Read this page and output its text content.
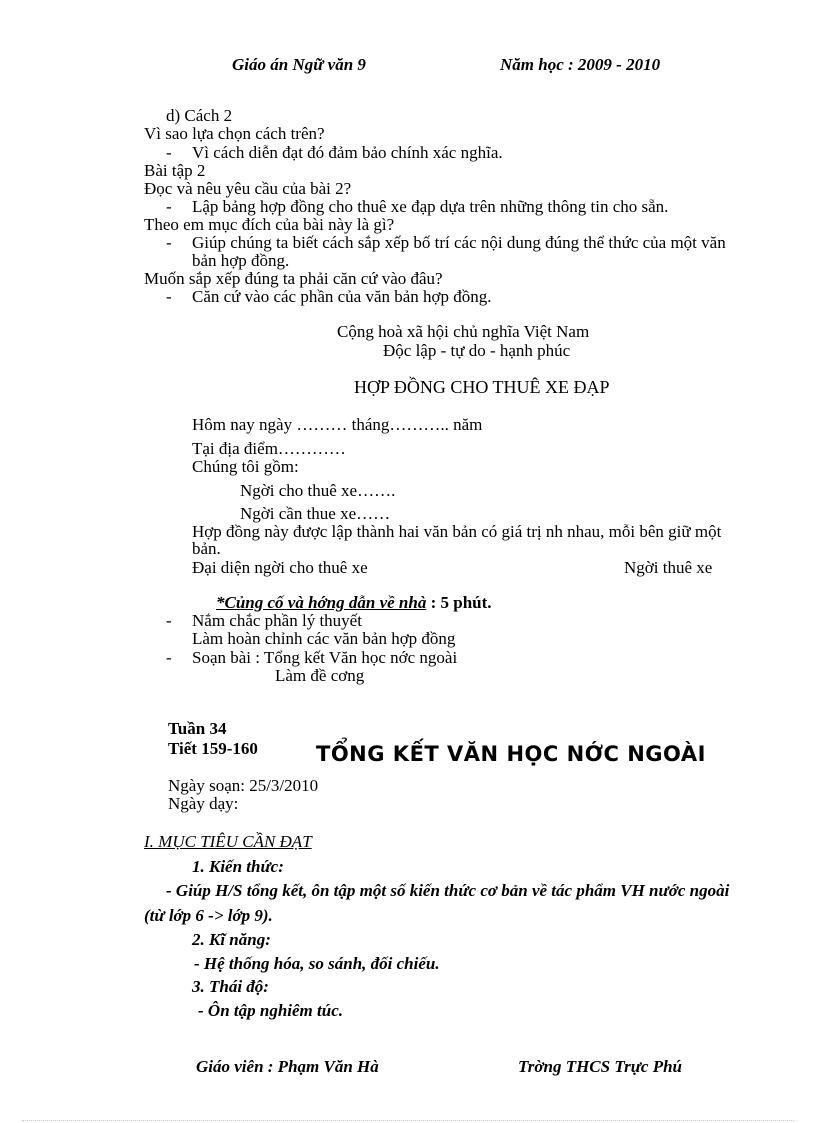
Giáo án Ngữ văn 9	Năm học : 2009 - 2010
d) Cách 2
Vì sao lựa chọn cách trên?
- Vì cách diễn đạt đó đảm bảo chính xác nghĩa.
Bài tập 2
Đọc và nêu yêu cầu của bài 2?
- Lập bảng hợp đồng cho thuê xe đạp dựa trên những thông tin cho sẵn.
Theo em mục đích của bài này là gì?
- Giúp chúng ta biết cách sắp xếp bố trí các nội dung đúng thể thức của một văn
bản hợp đồng.
Muốn sắp xếp đúng ta phải căn cứ vào đâu?
- Căn cứ vào các phần của văn bản hợp đồng.
Cộng hoà xã hội chủ nghĩa Việt Nam
Độc lập - tự do - hạnh phúc
HỢP ĐỒNG CHO THUÊ XE ĐẠP
Hôm nay ngày ……… tháng……….. năm
Tại địa điểm…………
Chúng tôi gồm:
Ngời cho thuê xe…….
Ngời cần thue xe……
Hợp đồng này được lập thành hai văn bản có giá trị nh nhau, mỗi bên giữ một
bản.
Đại diện ngời cho thuê xe	Ngời thuê xe
*Củng cố và hớng dẫn về nhà : 5 phút.
- Nắm chắc phần lý thuyết
Làm hoàn chỉnh các văn bản hợp đồng
- Soạn bài : Tổng kết Văn học nớc ngoài
Làm đề cơng
Tuần 34
Tiết 159-160	TỔNG KẾT VĂN HỌC NỚC NGOÀI
Ngày soạn: 25/3/2010
Ngày dạy:
I. MỤC TIÊU CẦN ĐẠT
1. Kiến thức:
- Giúp H/S tổng kết, ôn tập một số kiến thức cơ bản về tác phẩm VH nước ngoài
(từ lớp 6 -> lớp 9).
2. Kĩ năng:
- Hệ thống hóa, so sánh, đối chiếu.
3. Thái độ:
- Ôn tập nghiêm túc.
Giáo viên : Phạm Văn Hà	Trờng THCS Trực Phú
